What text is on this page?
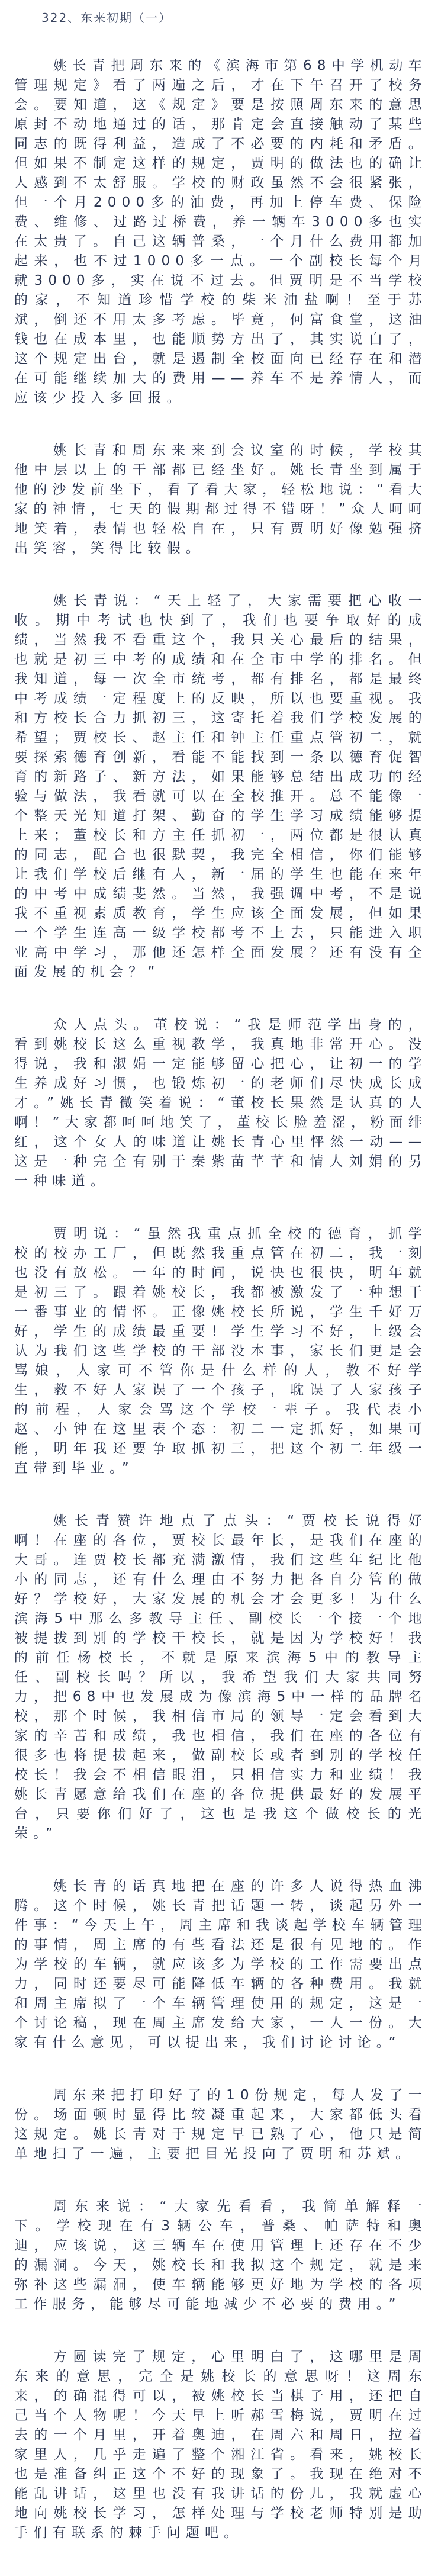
322、东来初期（一）

姚长青把周东来的《滨海市第68中学机动车管理规定》看了两遍之后，才在下午召开了校务会。要知道，这《规定》要是按照周东来的意思原封不动地通过的话，那肯定会直接触动了某些同志的既得利益，造成了不必要的内耗和矛盾。但如果不制定这样的规定，贾明的做法也的确让人感到不太舒服。学校的财政虽然不会很紧张，但一个月2000多的油费，再加上停车费、保险费、维修、过路过桥费，养一辆车3000多也实在太贵了。自己这辆普桑，一个月什么费用都加起来，也不过1000多一点。一个副校长每个月就3000多，实在说不过去。但贾明是不当学校的家，不知道珍惜学校的柴米油盐啊！至于苏斌，倒还不用太多考虑。毕竟，何富食堂，这油钱也在成本里，也能顺势方出了，其实说白了，这个规定出台，就是遏制全校面向已经存在和潜在可能继续加大的费用——养车不是养情人，而应该少投入多回报。

姚长青和周东来来到会议室的时候，学校其他中层以上的干部都已经坐好。姚长青坐到属于他的沙发前坐下，看了看大家，轻松地说：“看大家的神情，七天的假期都过得不错呀！”众人呵呵地笑着，表情也轻松自在，只有贾明好像勉强挤出笑容，笑得比较假。

姚长青说：“天上轻了，大家需要把心收一收。期中考试也快到了，我们也要争取好的成绩，当然我不看重这个，我只关心最后的结果，也就是初三中考的成绩和在全市中学的排名。但我知道，每一次全市统考，都有排名，都是最终中考成绩一定程度上的反映，所以也要重视。我和方校长合力抓初三，这寄托着我们学校发展的希望；贾校长、赵主任和钟主任重点管初二，就要探索德育创新，看能不能找到一条以德育促智育的新路子、新方法，如果能够总结出成功的经验与做法，我看就可以在全校推开。总不能像一个整天光知道打架、勤奋的学生学习成绩能够提上来；董校长和方主任抓初一，两位都是很认真的同志，配合也很默契，我完全相信，你们能够让我们学校后继有人，新一届的学生也能在来年的中考中成绩斐然。当然，我强调中考，不是说我不重视素质教育，学生应该全面发展，但如果一个学生连高一级学校都考不上去，只能进入职业高中学习，那他还怎样全面发展？还有没有全面发展的机会？”

众人点头。董校说：“我是师范学出身的，看到姚校长这么重视教学，我真地非常开心。没得说，我和淑娟一定能够留心把心，让初一的学生养成好习惯，也锻炼初一的老师们尽快成长成才。”姚长青微笑着说：“董校长果然是认真的人啊！”大家都呵呵地笑了，董校长脸羞涩，粉面绯红，这个女人的味道让姚长青心里怦然一动——这是一种完全有别于秦紫苗芊芊和情人刘娟的另一种味道。

贾明说：“虽然我重点抓全校的德育，抓学校的校办工厂，但既然我重点管在初二，我一刻也没有放松。一年的时间，说快也很快，明年就是初三了。跟着姚校长，我都被激发了一种想干一番事业的情怀。正像姚校长所说，学生千好万好，学生的成绩最重要！学生学习不好，上级会认为我们这些学校的干部没本事，家长们更是会骂娘，人家可不管你是什么样的人，教不好学生，教不好人家误了一个孩子，耽误了人家孩子的前程，人家会骂这个学校一辈子。我代表小赵、小钟在这里表个态：初二一定抓好，如果可能，明年我还要争取抓初三，把这个初二年级一直带到毕业。”

姚长青赞许地点了点头：“贾校长说得好啊！在座的各位，贾校长最年长，是我们在座的大哥。连贾校长都充满激情，我们这些年纪比他小的同志，还有什么理由不努力把各自分管的做好？学校好，大家发展的机会才会更多！为什么滨海5中那么多教导主任、副校长一个接一个地被提拔到别的学校干校长，就是因为学校好！我的前任杨校长，不就是原来滨海5中的教导主任、副校长吗？所以，我希望我们大家共同努力，把68中也发展成为像滨海5中一样的品牌名校，那个时候，我相信市局的领导一定会看到大家的辛苦和成绩，我也相信，我们在座的各位有很多也将提拔起来，做副校长或者到别的学校任校长！我会不相信眼泪，只相信实力和业绩！我姚长青愿意给我们在座的各位提供最好的发展平台，只要你们好了，这也是我这个做校长的光荣。”

姚长青的话真地把在座的许多人说得热血沸腾。这个时候，姚长青把话题一转，谈起另外一件事：“今天上午，周主席和我谈起学校车辆管理的事情，周主席的有些看法还是很有见地的。作为学校的车辆，就应该多为学校的工作需要出点力，同时还要尽可能降低车辆的各种费用。我就和周主席拟了一个车辆管理使用的规定，这是一个讨论稿，现在周主席发给大家，一人一份。大家有什么意见，可以提出来，我们讨论讨论。”

周东来把打印好了的10份规定，每人发了一份。场面顿时显得比较凝重起来，大家都低头看这规定。姚长青对于规定早已熟了心，他只是简单地扫了一遍，主要把目光投向了贾明和苏斌。

周东来说：“大家先看看，我简单解释一下。学校现在有3辆公车，普桑、帕萨特和奥迪，应该说，这三辆车在使用管理上还存在不少的漏洞。今天，姚校长和我拟这个规定，就是来弥补这些漏洞，使车辆能够更好地为学校的各项工作服务，能够尽可能地减少不必要的费用。”

方圆读完了规定，心里明白了，这哪里是周东来的意思，完全是姚校长的意思呀！这周东来，的确混得可以，被姚校长当棋子用，还把自己当个人物呢！今天早上听郝雪梅说，贾明在过去的一个月里，开着奥迪，在周六和周日，拉着家里人，几乎走遍了整个湘江省。看来，姚校长也是准备纠正这个不好的现象了。我现在绝对不能乱讲话，这里也没有我讲话的份儿，我就虚心地向姚校长学习，怎样处理与学校老师特别是助手们有联系的棘手问题吧。
